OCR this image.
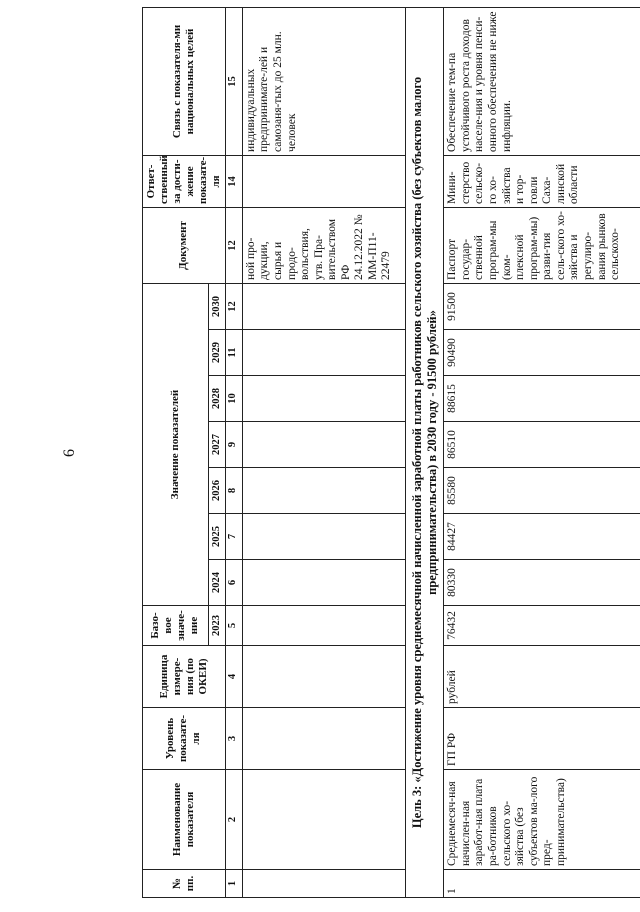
6
№ пп.	Наименование показателя	Уровень показате-ля	Единица измере-ния (по ОКЕИ)	Базо-вое значе-ние	Значение показателей							Документ	Ответ-ственный за дости-жение показате-ля	Связь с показателя-ми национальных целей
				2023	2024	2025	2026	2027	2028	2029	2030			
1	2	3	4	5	6	7	8	9	10	11	12	12	14	15
												ной про-дукции, сырья и продо-вольствия, утв. Пра-вительством РФ 24.12.2022 № ММ-П11-22479		индивидуальных предпринимате-лей и самозаня-тых до 25 млн. человек
Цель 3: «Достижение уровня среднемесячной начисленной заработной платы работников сельского хозяйства (без субъектов малого предпринимательства) в 2030 году - 91500 рублей»														
1	Среднемесяч-ная начислен-ная заработ-ная плата ра-ботников сельского хо-зяйства (без субъектов ма-лого пред-принимательства)	ГП РФ	рублей	76432	80330	84427	85580	86510	88615	90490	91500	Паспорт государ-ственной програм-мы (ком-плексной програм-мы) разви-тия сель-ского хо-зяйства и регулиро-вания рынков сельскохо-	Мини-стерство сельско-го хо-зяйства и тор-говли Саха-линской области	Обеспечение тем-па устойчивого роста доходов населе-ния и уровня пенси-онного обеспечения не ниже инфляции.
